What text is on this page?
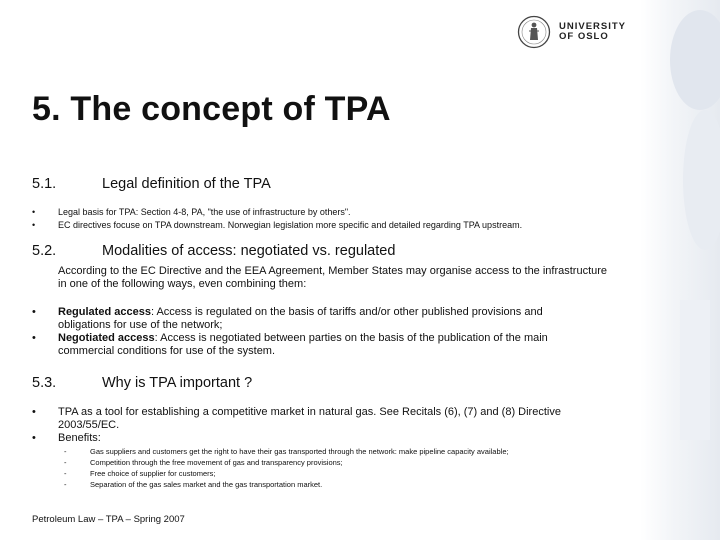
UNIVERSITY
OF OSLO
5. The concept of TPA
5.1.	Legal definition of the TPA
•	Legal basis for TPA: Section 4-8, PA, "the use of infrastructure by others".
•	EC directives focuse on TPA downstream. Norwegian legislation more specific and detailed regarding TPA upstream.
5.2.	Modalities of access: negotiated vs. regulated
According to the EC Directive and the EEA Agreement, Member States may organise access to the infrastructure in one of the following ways, even combining them:
• Regulated access: Access is regulated on the basis of tariffs and/or other published provisions and obligations for use of the network;
• Negotiated access: Access is negotiated between parties on the basis of the publication of the main commercial conditions for use of the system.
5.3.	Why is TPA important ?
• TPA as a tool for establishing a competitive market in natural gas. See Recitals (6), (7) and (8) Directive 2003/55/EC.
• Benefits:
-	Gas suppliers and customers get the right to have their gas transported through the network: make pipeline capacity available;
-	Competition through the free movement of gas and transparency provisions;
-	Free choice of supplier for customers;
-	Separation of the gas sales market and the gas transportation market.
Petroleum Law – TPA – Spring 2007
